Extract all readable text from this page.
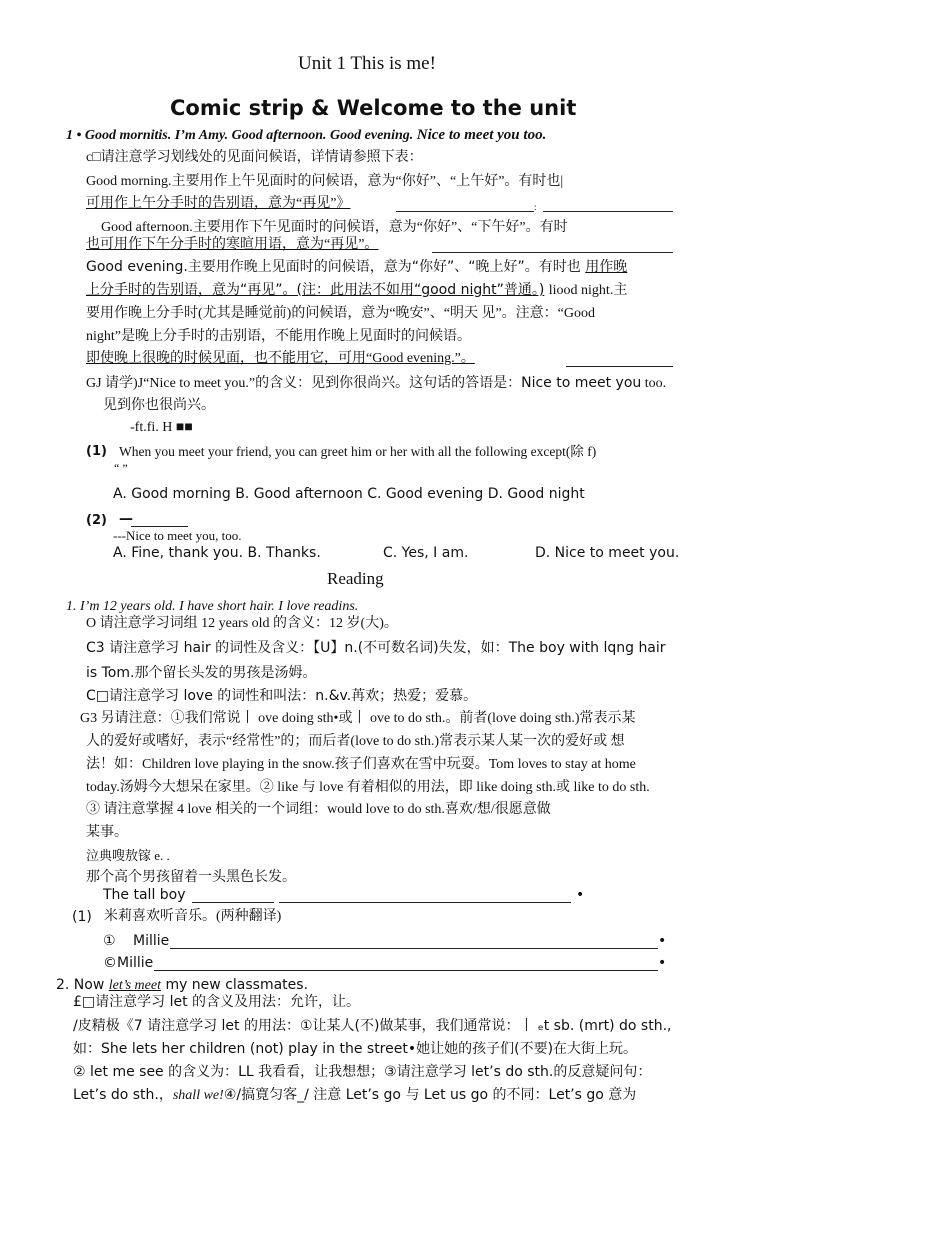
Unit 1 This is me!
Comic strip & Welcome to the unit
1 • Good mornitis. I’m Amy. Good afternoon. Good evening. Nice to meet you too.
c□请注意学习划线处的见面问候语，详情请参照下表：
Good morning.主要用作上午见面时的问候语，意为“你好”、“上午好”。有时也|
可用作上午分手时的告别语，意为“再见”》	:
Good afternoon.主要用作下午见面时的问候语，意为“你好”、“下午好”。有时
也可用作下午分手时的寒暄用语，意为“再见”。
Good evening.主要用作晚上见面时的问候语，意为“你好”、“晚上好”。有时也 用作晚
上分手时的告别语，意为“再见”。(注：此用法不如用“good night”普通。) liood night.主
要用作晚上分手时(尤其是睡觉前)的问候语，意为“晚安”、“明天 见”。注意：“Good
night”是晚上分手时的击别语，不能用作晚上见面时的问候语。
即使晚上很晚的时候见面，也不能用它，可用“Good evening.”。
GJ 请学)J“Nice to meet you.”的含义：见到你很尚兴。这句话的答语是：Nice to meet you too.
见到你也很尚兴。
-ft.fi. H ■■
(1) When you meet your friend, you can greet him or her with all the following except(除 f)
“ ”
A. Good morning B. Good afternoon C. Good evening D. Good night
(2) —
---Nice to meet you, too.
A. Fine, thank you. B. Thanks.	C. Yes, I am.	D. Nice to meet you.
Reading
1. I’m 12 years old. I have short hair. I love readins.
O 请注意学习词组 12 years old 的含义：12 岁(大)。
C3 请注意学习 hair 的词性及含义：【U】n.(不可数名词)失发，如：The boy with lqng hair
is Tom.那个留长头发的男孩是汤姆。
C□请注意学习 love 的词性和叫法：n.&v.苒欢；热爱；爱慕。
G3 另请注意：①我们常说丨 ove doing sth•或丨 ove to do sth.。前者(love doing sth.)常表示某
人的爱好或嗜好，表示“经常性”的；而后者(love to do sth.)常表示某人某一次的爱好或 想
法！如：Children love playing in the snow.孩子们喜欢在雪中玩耍。Tom loves to stay at home
today.汤姆今大想呆在家里。② like 与 love 有着相似的用法，即 like doing sth.或 like to do sth.
③ 请注意掌握 4 love 相关的一个词组：would love to do sth.喜欢/想/很愿意做
某事。
泣典嗖敖镓 e. .
那个高个男孩留着一头黑色长发。
The tall boy	•
(1) 米莉喜欢听音乐。(两种翻译)
① Millie	•
©Millie	•
2. Now let’s meet my new classmates.
£□请注意学习 let 的含义及用法：允许，让。
/皮精极《7 请注意学习 let 的用法：①让某人(不)做某事，我们通常说：丨 ₑt sb. (mrt) do sth.,
如：She lets her children (not) play in the street•她让她的孩子们(不要)在大街上玩。
② let me see 的含义为：LL 我看看，让我想想；③请注意学习 let’s do sth.的反意疑问句：
Let’s do sth.，shall we!④/搞寛匀客_/ 注意 Let’s go 与 Let us go 的不同：Let’s go 意为
